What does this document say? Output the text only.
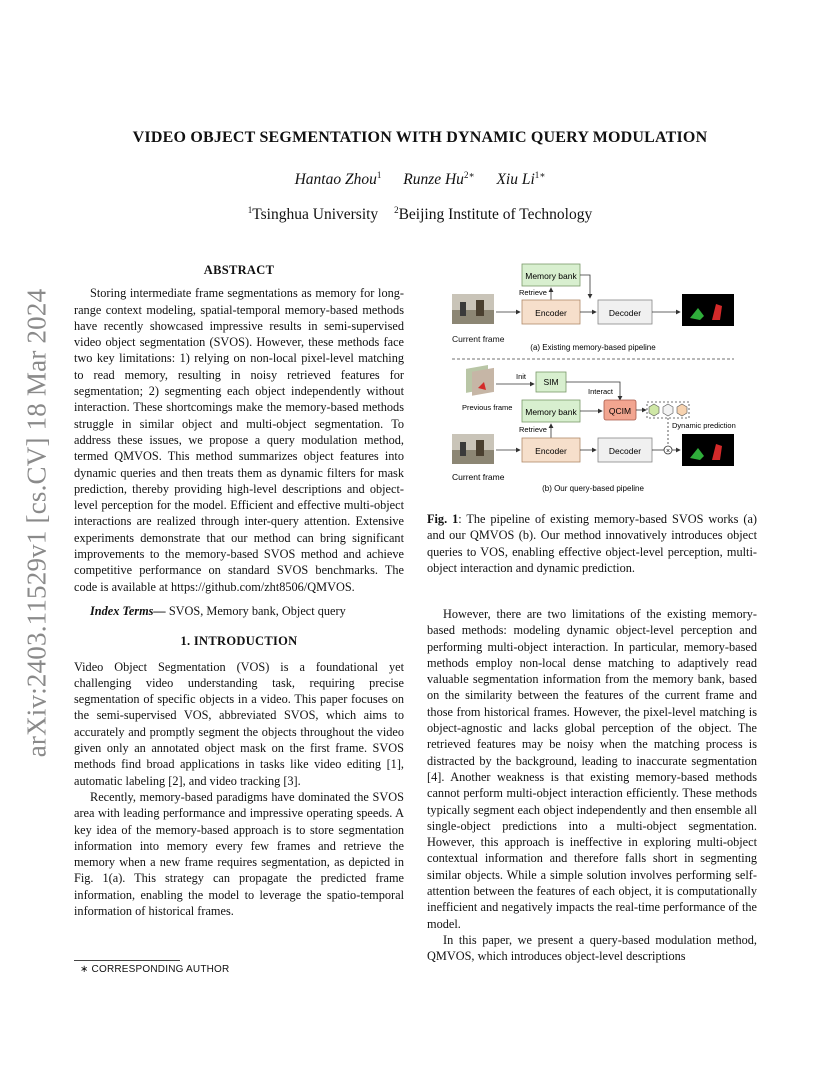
arXiv:2403.11529v1 [cs.CV] 18 Mar 2024
VIDEO OBJECT SEGMENTATION WITH DYNAMIC QUERY MODULATION
Hantao Zhou$^1$ Runze $Hu^{2∗}$ Xiu $Li^{1∗}$
$^1$Tsinghua University $^2$Beijing Institute of Technology
ABSTRACT

Storing intermediate frame segmentations as memory for long-range context modeling, spatial-temporal memory-based methods have recently showcased impressive results in semi-supervised video object segmentation (SVOS). However, these methods face two key limitations: 1) relying on non-local pixel-level matching to read memory, resulting in noisy retrieved features for segmentation; 2) segmenting each object independently without interaction. These shortcomings make the memory-based methods struggle in similar object and multi-object segmentation. To address these issues, we propose a query modulation method, termed QMVOS. This method summarizes object features into dynamic queries and then treats them as dynamic filters for mask prediction, thereby providing high-level descriptions and object-level perception for the model. Efficient and effective multi-object interactions are realized through inter-query attention. Extensive experiments demonstrate that our method can bring significant improvements to the memory-based SVOS method and achieve competitive performance on standard SVOS benchmarks. The code is available at https://github.com/zht8506/QMVOS.

Index Terms— SVOS, Memory bank, Object query

1. INTRODUCTION

Video Object Segmentation (VOS) is a foundational yet challenging video understanding task, requiring precise segmentation of specific objects in a video. This paper focuses on the semi-supervised VOS, abbreviated SVOS, which aims to accurately and promptly segment the objects throughout the video given only an annotated object mask on the first frame. SVOS methods find broad applications in tasks like video editing [1], automatic labeling [2], and video tracking [3].

Recently, memory-based paradigms have dominated the SVOS area with leading performance and impressive operating speeds. A key idea of the memory-based approach is to store segmentation information into memory every few frames and retrieve the memory when a new frame requires segmentation, as depicted in Fig. 1(a). This strategy can propagate the predicted frame information, enabling the model to leverage the spatio-temporal information of historical frames.

∗ CORRESPONDING AUTHOR
Current frame
Memory bank
Retrieve
Encoder	Decoder
(a) Existing memory-based pipeline
Previous frame
Init
SIM
Interact
Memory bank	QCIM
Dynamic prediction
Retrieve
Current frame
Encoder	Decoder	×
(b) Our query-based pipeline

Fig. 1: The pipeline of existing memory-based SVOS works (a) and our QMVOS (b). Our method innovatively introduces object queries to VOS, enabling effective object-level perception, multi-object interaction and dynamic prediction.

However, there are two limitations of the existing memory-based methods: modeling dynamic object-level perception and performing multi-object interaction. In particular, memory-based methods employ non-local dense matching to adaptively read valuable segmentation information from the memory bank, based on the similarity between the features of the current frame and those from historical frames. However, the pixel-level matching is object-agnostic and lacks global perception of the object. The retrieved features may be noisy when the matching process is distracted by the background, leading to inaccurate segmentation [4]. Another weakness is that existing memory-based methods cannot perform multi-object interaction efficiently. These methods typically segment each object independently and then ensemble all single-object predictions into a multi-object segmentation. However, this approach is ineffective in exploring multi-object contextual information and therefore falls short in segmenting similar objects. While a simple solution involves performing self-attention between the features of each object, it is computationally inefficient and negatively impacts the real-time performance of the model.

In this paper, we present a query-based modulation method, QMVOS, which introduces object-level descriptions
